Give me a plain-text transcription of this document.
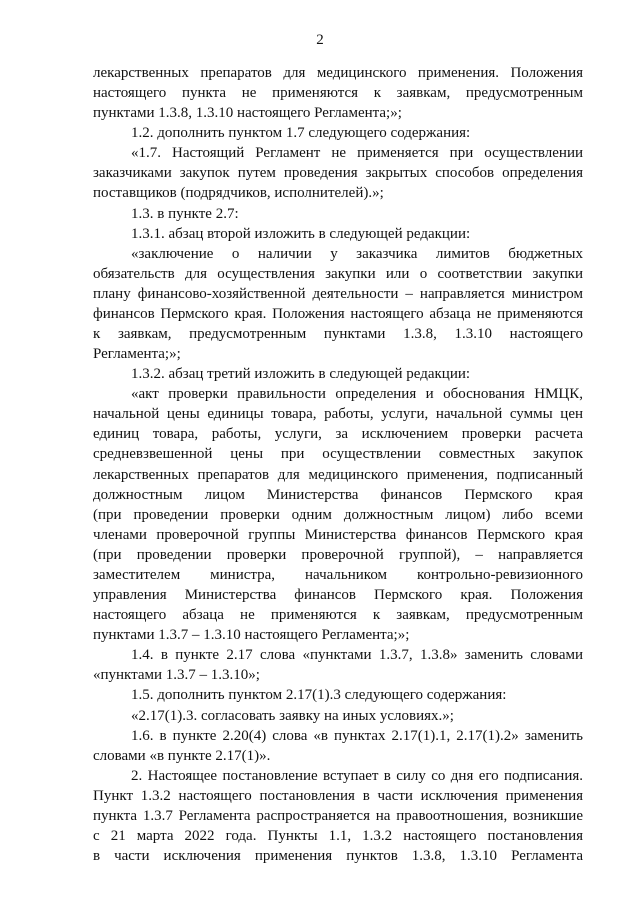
2
лекарственных препаратов для медицинского применения. Положения
настоящего пункта не применяются к заявкам, предусмотренным
пунктами 1.3.8, 1.3.10 настоящего Регламента;»;
1.2. дополнить пунктом 1.7 следующего содержания:
«1.7. Настоящий Регламент не применяется при осуществлении
заказчиками закупок путем проведения закрытых способов определения
поставщиков (подрядчиков, исполнителей).»;
1.3. в пункте 2.7:
1.3.1. абзац второй изложить в следующей редакции:
«заключение о наличии у заказчика лимитов бюджетных
обязательств для осуществления закупки или о соответствии закупки
плану финансово-хозяйственной деятельности – направляется министром
финансов Пермского края. Положения настоящего абзаца не применяются
к заявкам, предусмотренным пунктами 1.3.8, 1.3.10 настоящего
Регламента;»;
1.3.2. абзац третий изложить в следующей редакции:
«акт проверки правильности определения и обоснования НМЦК,
начальной цены единицы товара, работы, услуги, начальной суммы цен
единиц товара, работы, услуги, за исключением проверки расчета
средневзвешенной цены при осуществлении совместных закупок
лекарственных препаратов для медицинского применения, подписанный
должностным лицом Министерства финансов Пермского края
(при проведении проверки одним должностным лицом) либо всеми
членами проверочной группы Министерства финансов Пермского края
(при проведении проверки проверочной группой), – направляется
заместителем министра, начальником контрольно-ревизионного
управления Министерства финансов Пермского края. Положения
настоящего абзаца не применяются к заявкам, предусмотренным
пунктами 1.3.7 – 1.3.10 настоящего Регламента;»;
1.4. в пункте 2.17 слова «пунктами 1.3.7, 1.3.8» заменить словами
«пунктами 1.3.7 – 1.3.10»;
1.5. дополнить пунктом 2.17(1).3 следующего содержания:
«2.17(1).3. согласовать заявку на иных условиях.»;
1.6. в пункте 2.20(4) слова «в пунктах 2.17(1).1, 2.17(1).2» заменить
словами «в пункте 2.17(1)».
2. Настоящее постановление вступает в силу со дня его подписания.
Пункт 1.3.2 настоящего постановления в части исключения применения
пункта 1.3.7 Регламента распространяется на правоотношения, возникшие
с 21 марта 2022 года. Пункты 1.1, 1.3.2 настоящего постановления
в части исключения применения пунктов 1.3.8, 1.3.10 Регламента
